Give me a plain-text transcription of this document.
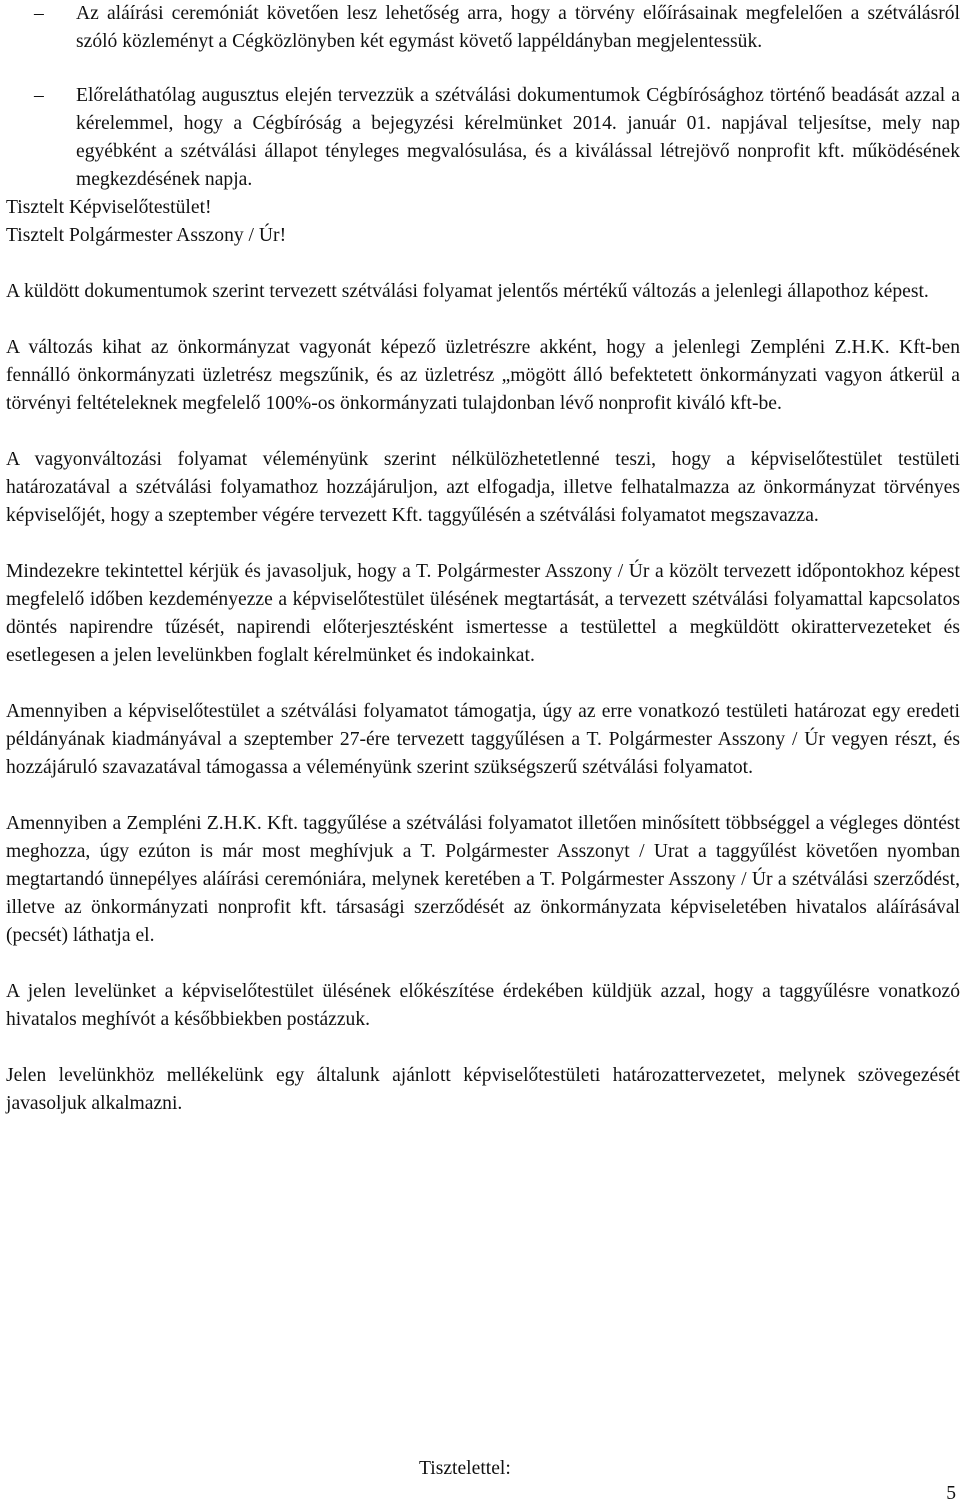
–	Az aláírási ceremóniát követően lesz lehetőség arra, hogy a törvény előírásainak megfelelően a szétválásról szóló közleményt a Cégközlönyben két egymást követő lappéldányban megjelentessük.
–	Előreláthatólag augusztus elején tervezzük a szétválási dokumentumok Cégbírósághoz történő beadását azzal a kérelemmel, hogy a Cégbíróság a bejegyzési kérelmünket 2014. január 01. napjával teljesítse, mely nap egyébként a szétválási állapot tényleges megvalósulása, és a kiválással létrejövő nonprofit kft. működésének megkezdésének napja.

Tisztelt Képviselőtestület!

Tisztelt Polgármester Asszony / Úr!

A küldött dokumentumok szerint tervezett szétválási folyamat jelentős mértékű változás a jelenlegi állapothoz képest.

A változás kihat az önkormányzat vagyonát képező üzletrészre akként, hogy a jelenlegi Zempléni Z.H.K. Kft-ben fennálló önkormányzati üzletrész megszűnik, és az üzletrész „mögött álló befektetett önkormányzati vagyon átkerül a törvényi feltételeknek megfelelő 100%-os önkormányzati tulajdonban lévő nonprofit kiváló kft-be.

A vagyonváltozási folyamat véleményünk szerint nélkülözhetetlenné teszi, hogy a képviselőtestület testületi határozatával a szétválási folyamathoz hozzájáruljon, azt elfogadja, illetve felhatalmazza az önkormányzat törvényes képviselőjét, hogy a szeptember végére tervezett Kft. taggyűlésén a szétválási folyamatot megszavazza.

Mindezekre tekintettel kérjük és javasoljuk, hogy a T. Polgármester Asszony / Úr a közölt tervezett időpontokhoz képest megfelelő időben kezdeményezze a képviselőtestület ülésének megtartását, a tervezett szétválási folyamattal kapcsolatos döntés napirendre tűzését, napirendi előterjesztésként ismertesse a testülettel a megküldött okirattervezeteket és esetlegesen a jelen levelünkben foglalt kérelmünket és indokainkat.

Amennyiben a képviselőtestület a szétválási folyamatot támogatja, úgy az erre vonatkozó testületi határozat egy eredeti példányának kiadmányával a szeptember 27-ére tervezett taggyűlésen a T. Polgármester Asszony / Úr vegyen részt, és hozzájáruló szavazatával támogassa a véleményünk szerint szükségszerű szétválási folyamatot.

Amennyiben a Zempléni Z.H.K. Kft. taggyűlése a szétválási folyamatot illetően minősített többséggel a végleges döntést meghozza, úgy ezúton is már most meghívjuk a T. Polgármester Asszonyt / Urat a taggyűlést követően nyomban megtartandó ünnepélyes aláírási ceremóniára, melynek keretében a T. Polgármester Asszony / Úr a szétválási szerződést, illetve az önkormányzati nonprofit kft. társasági szerződését az önkormányzata képviseletében hivatalos aláírásával (pecsét) láthatja el.

A jelen levelünket a képviselőtestület ülésének előkészítése érdekében küldjük azzal, hogy a taggyűlésre vonatkozó hivatalos meghívót a későbbiekben postázzuk.

Jelen levelünkhöz mellékelünk egy általunk ajánlott képviselőtestületi határozattervezetet, melynek szövegezését javasoljuk alkalmazni.

Tisztelettel:

5
